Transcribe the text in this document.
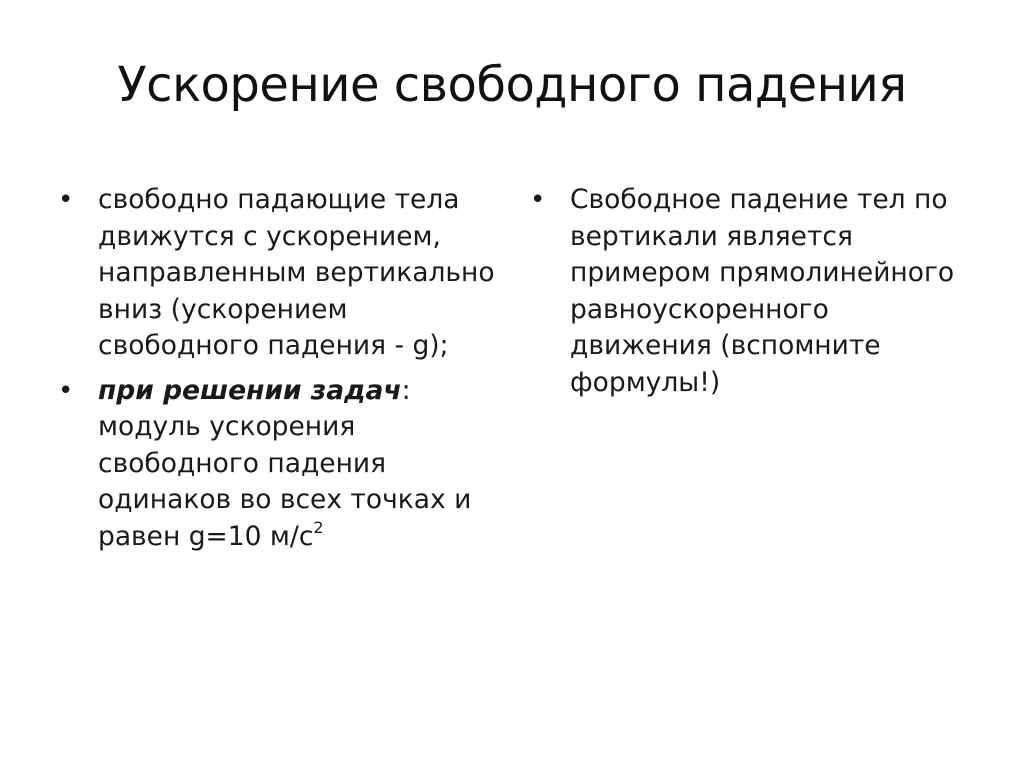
Ускорение свободного падения
• свободно падающие тела движутся с ускорением, направленным вертикально вниз (ускорением свободного падения - g);
• при решении задач: модуль ускорения свободного падения одинаков во всех точках и равен g=10 $м/с^2$
• Свободное падение тел по вертикали является примером прямолинейного равноускоренного движения (вспомните формулы!)
